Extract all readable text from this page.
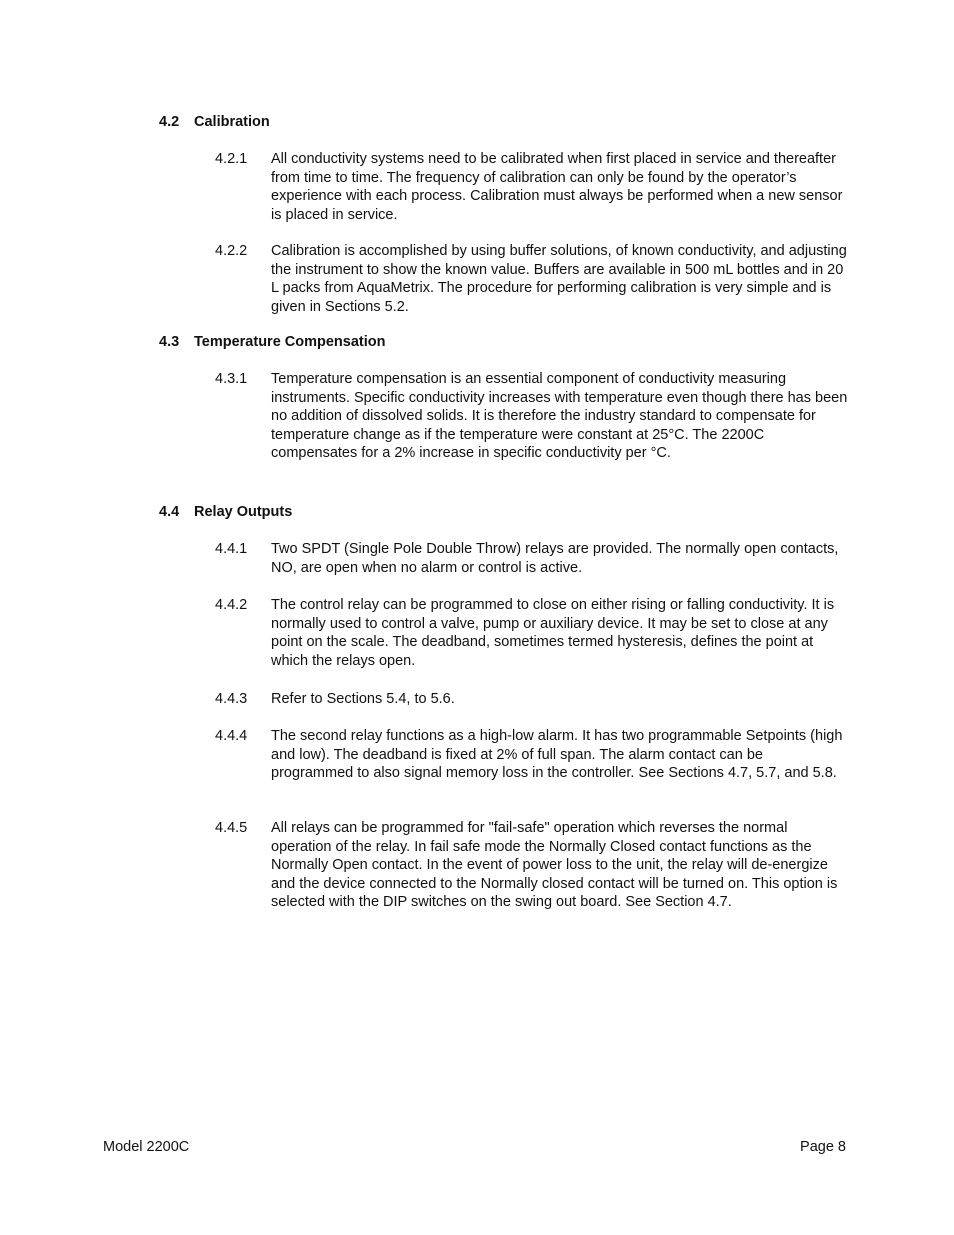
4.2 Calibration
4.2.1	All conductivity systems need to be calibrated when first placed in service and thereafter from time to time. The frequency of calibration can only be found by the operator’s experience with each process. Calibration must always be performed when a new sensor is placed in service.
4.2.2	Calibration is accomplished by using buffer solutions, of known conductivity, and adjusting the instrument to show the known value. Buffers are available in 500 mL bottles and in 20 L packs from AquaMetrix. The procedure for performing calibration is very simple and is given in Sections 5.2.
4.3 Temperature Compensation
4.3.1	Temperature compensation is an essential component of conductivity measuring instruments. Specific conductivity increases with temperature even though there has been no addition of dissolved solids. It is therefore the industry standard to compensate for temperature change as if the temperature were constant at 25°C. The 2200C compensates for a 2% increase in specific conductivity per °C.
4.4 Relay Outputs
4.4.1	Two SPDT (Single Pole Double Throw) relays are provided. The normally open contacts, NO, are open when no alarm or control is active.
4.4.2	The control relay can be programmed to close on either rising or falling conductivity. It is normally used to control a valve, pump or auxiliary device. It may be set to close at any point on the scale. The deadband, sometimes termed hysteresis, defines the point at which the relays open.
4.4.3	Refer to Sections 5.4, to 5.6.
4.4.4	The second relay functions as a high-low alarm. It has two programmable Setpoints (high and low). The deadband is fixed at 2% of full span. The alarm contact can be programmed to also signal memory loss in the controller. See Sections 4.7, 5.7, and 5.8.
4.4.5	All relays can be programmed for "fail-safe" operation which reverses the normal operation of the relay. In fail safe mode the Normally Closed contact functions as the Normally Open contact. In the event of power loss to the unit, the relay will de-energize and the device connected to the Normally closed contact will be turned on. This option is selected with the DIP switches on the swing out board. See Section 4.7.
Model 2200C	Page 8
